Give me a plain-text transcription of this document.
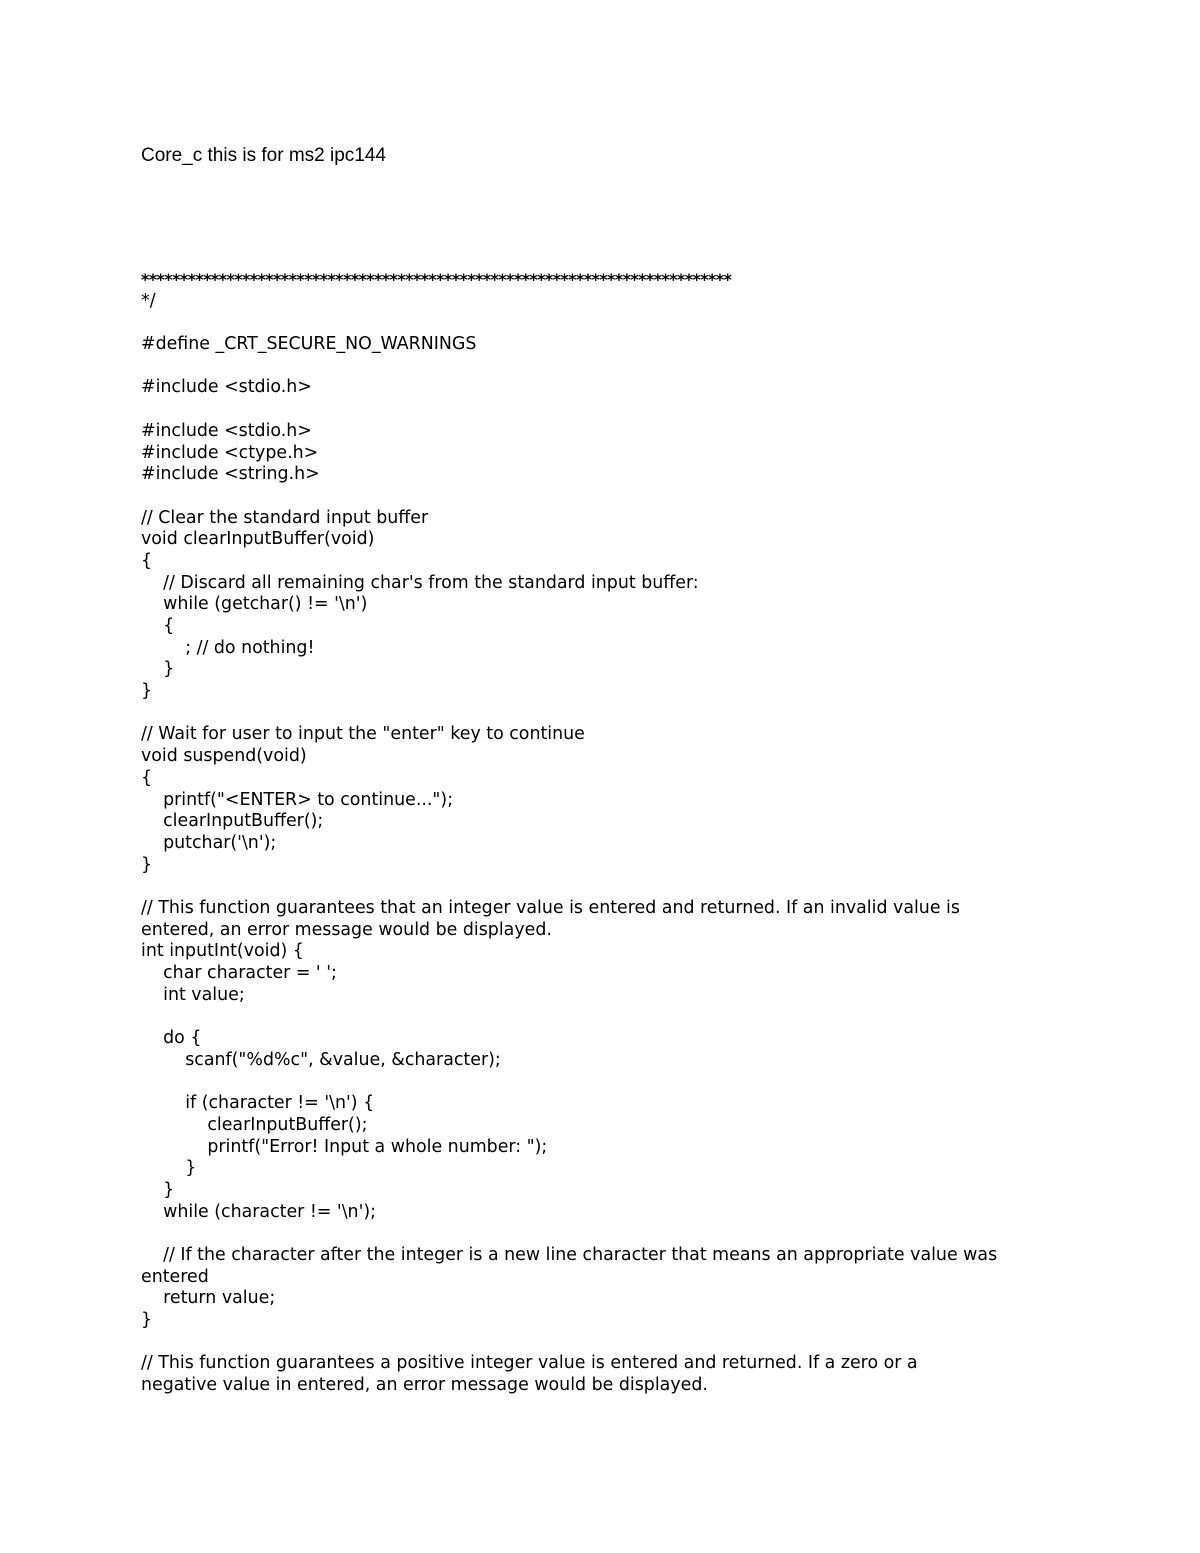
Core_c this is for ms2 ipc144
****************************************************************************
*/
#define _CRT_SECURE_NO_WARNINGS
#include <stdio.h>
#include <stdio.h>
#include <ctype.h>
#include <string.h>
// Clear the standard input buffer
void clearInputBuffer(void)
{
// Discard all remaining char's from the standard input buffer:
while (getchar() != '\n')
{
; // do nothing!
}
}
// Wait for user to input the "enter" key to continue
void suspend(void)
{
printf("<ENTER> to continue...");
clearInputBuffer();
putchar('\n');
}
// This function guarantees that an integer value is entered and returned. If an invalid value is
entered, an error message would be displayed.
int inputInt(void) {
char character = ' ';
int value;
do {
scanf("%d%c", &value, &character);
if (character != '\n') {
clearInputBuffer();
printf("Error! Input a whole number: ");
}
}
while (character != '\n');
// If the character after the integer is a new line character that means an appropriate value was
entered
return value;
}
// This function guarantees a positive integer value is entered and returned. If a zero or a
negative value in entered, an error message would be displayed.
